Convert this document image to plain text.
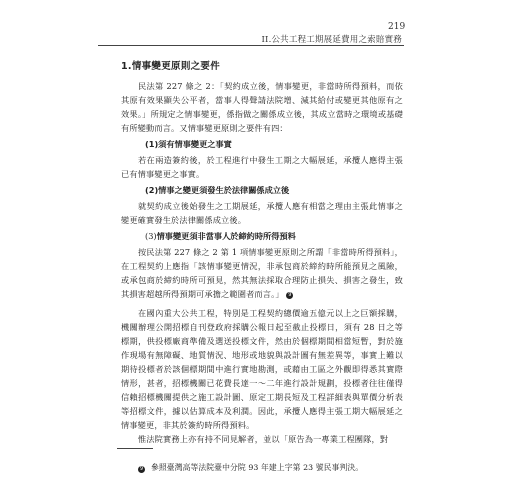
219
II.公共工程工期展延費用之索賠實務
1.情事變更原則之要件

民法第 227 條之 2：「契約成立後，情事變更，非當時所得預料，而依其原有效果顯失公平者，當事人得聲請法院增、減其給付或變更其他原有之效果。」所規定之情事變更，係指做之關係成立後，其成立當時之環境或基礎有所變動而言。又情事變更原則之要件有四：

(1)須有情事變更之事實

若在兩造簽約後，於工程進行中發生工期之大幅展延，承攬人應得主張已有情事變更之事實。

(2)情事之變更須發生於法律關係成立後

就契約成立後始發生之工期展延，承攬人應有相當之理由主張此情事之變更確實發生於法律關係成立後。

(3)情事變更須非當事人於締約時所得預料

按民法第 227 條之 2 第 1 項情事變更原則之所謂「非當時所得預料」，在工程契約上應指「該情事變更情況，非承包商於締約時所能預見之風險，或承包商於締約時所可預見，然其無法採取合理防止損失、損害之發生，致其損害超越所得預期可承擔之範圍者而言。」 9

在國內重大公共工程，特別是工程契約總價逾五億元以上之巨額採購，機關辦理公開招標自刊登政府採購公報日起至截止投標日，須有 28 日之等標期，供投標廠商準備及選送投標文件，然由於個標期間相當短暫，對於施作現場有無障礙、地質情況、地形或地貌與設計圖有無差異等，事實上難以期待投標者於該個標期間中進行實地勘測，或藉由工區之外觀即得悉其實際情形，甚者，招標機關已花費長達一～二年進行設計規劃，投標者往往僅得信賴招標機關提供之施工設計圖、原定工期長短及工程詳細表與單價分析表等招標文件，據以估算成本及利潤。因此，承攬人應得主張工期大幅展延之情事變更，非其於簽約時所得預料。

惟法院實務上亦有持不同見解者，並以「原告為一專業工程團隊，對

9 參照臺灣高等法院臺中分院 93 年建上字第 23 號民事判決。
